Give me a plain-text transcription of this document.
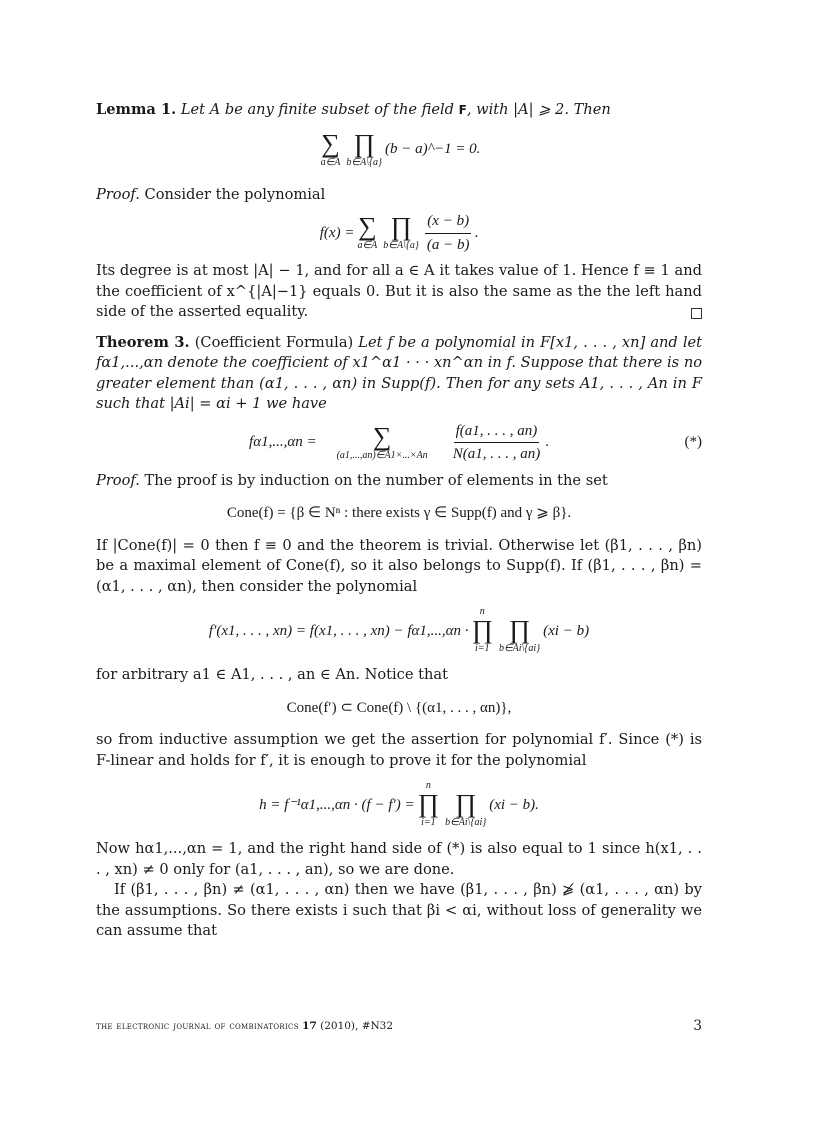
Lemma 1. Let A be any finite subset of the field F, with |A| ⩾ 2. Then

∑
a∈A
∏
b∈A\{a}
(b − a)^−1 = 0.

Proof. Consider the polynomial

f(x) = ∑
a∈A
∏
b∈A\{a} $\frac{(x - b)}{(a - b)}$ .

Its degree is at most |A| − 1, and for all a ∈ A it takes value of 1. Hence f ≡ 1 and the coefficient of x^{|A|−1} equals 0. But it is also the same as the the left hand side of the asserted equality.

Theorem 3. (Coefficient Formula) Let f be a polynomial in F[x1, . . . , xn] and let fα1,...,αn denote the coefficient of x1^α1 · · · xn^αn in f. Suppose that there is no greater element than (α1, . . . , αn) in Supp(f). Then for any sets A1, . . . , An in F such that |Ai| = αi + 1 we have

fα1,...,αn = ∑
(a1,...,an)∈A1×...×An $\frac{f(a1, . . . , an)}{N(a1, . . . , an)}$ .	(*)

Proof. The proof is by induction on the number of elements in the set

Cone(f) = {β ∈ Nⁿ : there exists γ ∈ Supp(f) and γ ⩾ β}.

If |Cone(f)| = 0 then f ≡ 0 and the theorem is trivial. Otherwise let (β1, . . . , βn) be a maximal element of Cone(f), so it also belongs to Supp(f). If (β1, . . . , βn) = (α1, . . . , αn), then consider the polynomial

f′(x1, . . . , xn) = f(x1, . . . , xn) − fα1,...,αn ·
n
∏
i=1

∏
b∈Ai\{ai}
(xi − b)

for arbitrary a1 ∈ A1, . . . , an ∈ An. Notice that

Cone(f′) ⊂ Cone(f) \ {(α1, . . . , αn)},

so from inductive assumption we get the assertion for polynomial f′. Since (*) is F-linear and holds for f′, it is enough to prove it for the polynomial

h = f⁻¹α1,...,αn · (f − f′) =
n
∏
i=1

∏
b∈Ai\{ai}
(xi − b).

Now hα1,...,αn = 1, and the right hand side of (*) is also equal to 1 since h(x1, . . . , xn) ≠ 0 only for (a1, . . . , an), so we are done.

If (β1, . . . , βn) ≠ (α1, . . . , αn) then we have (β1, . . . , βn) ⩾̸ (α1, . . . , αn) by the assumptions. So there exists i such that βi < αi, without loss of generality we can assume that

the electronic journal of combinatorics 17 (2010), #N32	3
